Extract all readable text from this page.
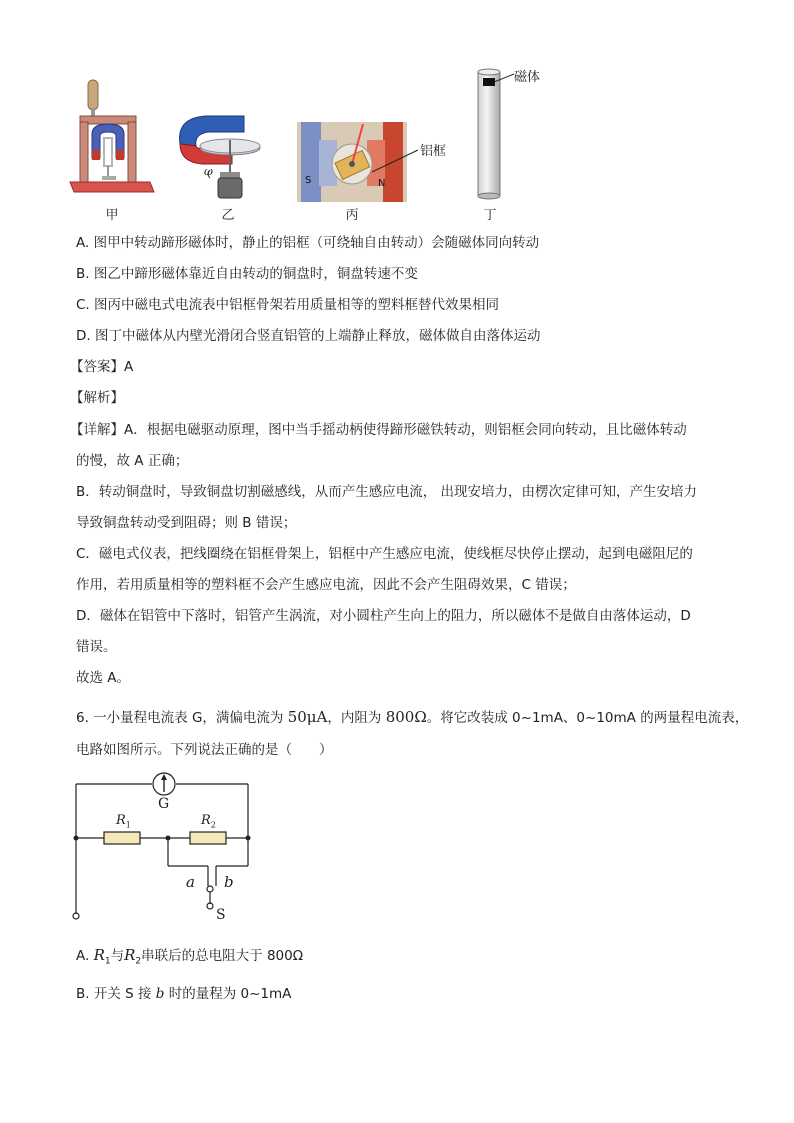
甲
ω
乙
S	N
铝框
丙
磁体
丁
A. 图甲中转动蹄形磁体时，静止的铝框（可绕轴自由转动）会随磁体同向转动
B. 图乙中蹄形磁体靠近自由转动的铜盘时，铜盘转速不变
C. 图丙中磁电式电流表中铝框骨架若用质量相等的塑料框替代效果相同
D. 图丁中磁体从内壁光滑闭合竖直铝管的上端静止释放，磁体做自由落体运动
【答案】A
【解析】
【详解】A．根据电磁驱动原理，图中当手摇动柄使得蹄形磁铁转动，则铝框会同向转动，且比磁体转动
的慢，故 A 正确；
B．转动铜盘时，导致铜盘切割磁感线，从而产生感应电流， 出现安培力，由楞次定律可知，产生安培力
导致铜盘转动受到阻碍；则 B 错误；
C．磁电式仪表，把线圈绕在铝框骨架上，铝框中产生感应电流，使线框尽快停止摆动，起到电磁阻尼的
作用，若用质量相等的塑料框不会产生感应电流，因此不会产生阻碍效果，C 错误；
D．磁体在铝管中下落时，铝管产生涡流，对小圆柱产生向上的阻力，所以磁体不是做自由落体运动，D
错误。
故选 A。
6. 一小量程电流表 G，满偏电流为 50μA，内阻为 800Ω。将它改装成 0~1mA、0~10mA 的两量程电流表，
电路如图所示。下列说法正确的是（　　）
G
$R_1$	$R_2$
a b
S
A. $R_1$与$R_2$串联后的总电阻大于 800Ω
B. 开关 S 接 b 时的量程为 0~1mA
